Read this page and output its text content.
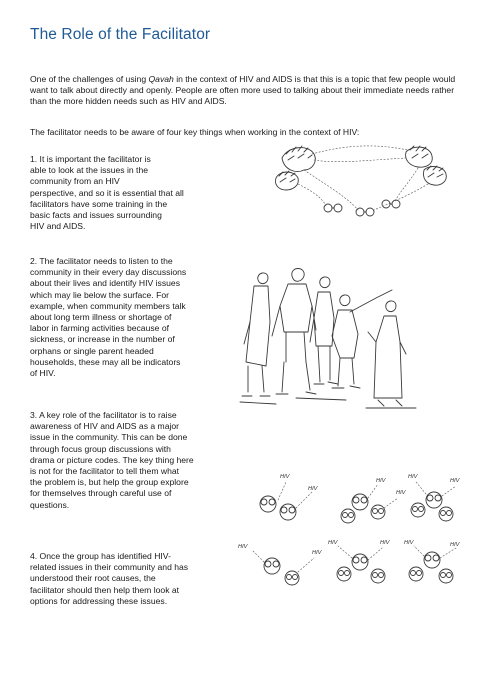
The Role of the Facilitator
One of the challenges of using Qavah in the context of HIV and AIDS is that this is a topic that few people would want to talk about directly and openly. People are often more used to talking about their immediate needs rather than the more hidden needs such as HIV and AIDS.
The facilitator needs to be aware of four key things when working in the context of HIV:
1. It is important the facilitator is
able to look at the issues in the
community from an HIV
perspective, and so it is essential that all
facilitators have some training in the
basic facts and issues surrounding
HIV and AIDS.
2. The facilitator needs to listen to the
community in their every day discussions
about their lives and identify HIV issues
which may lie below the surface. For
example, when community members talk
about long term illness or shortage of
labor in farming activities because of
sickness, or increase in the number of
orphans or single parent headed
households, these may all be indicators
of HIV.
3. A key role of the facilitator is to raise
awareness of HIV and AIDS as a major
issue in the community. This can be done
through focus group discussions with
drama or picture codes. The key thing here
is not for the facilitator to tell them what
the problem is, but help the group explore
for themselves through careful use of
questions.
4. Once the group has identified HIV-
related issues in their community and has
understood their root causes, the
facilitator should then help them look at
options for addressing these issues.
HIV
HIV
HIV
HIV
HIV
HIV
HIV
HIV
HIV	HIV	HIV	HIV
